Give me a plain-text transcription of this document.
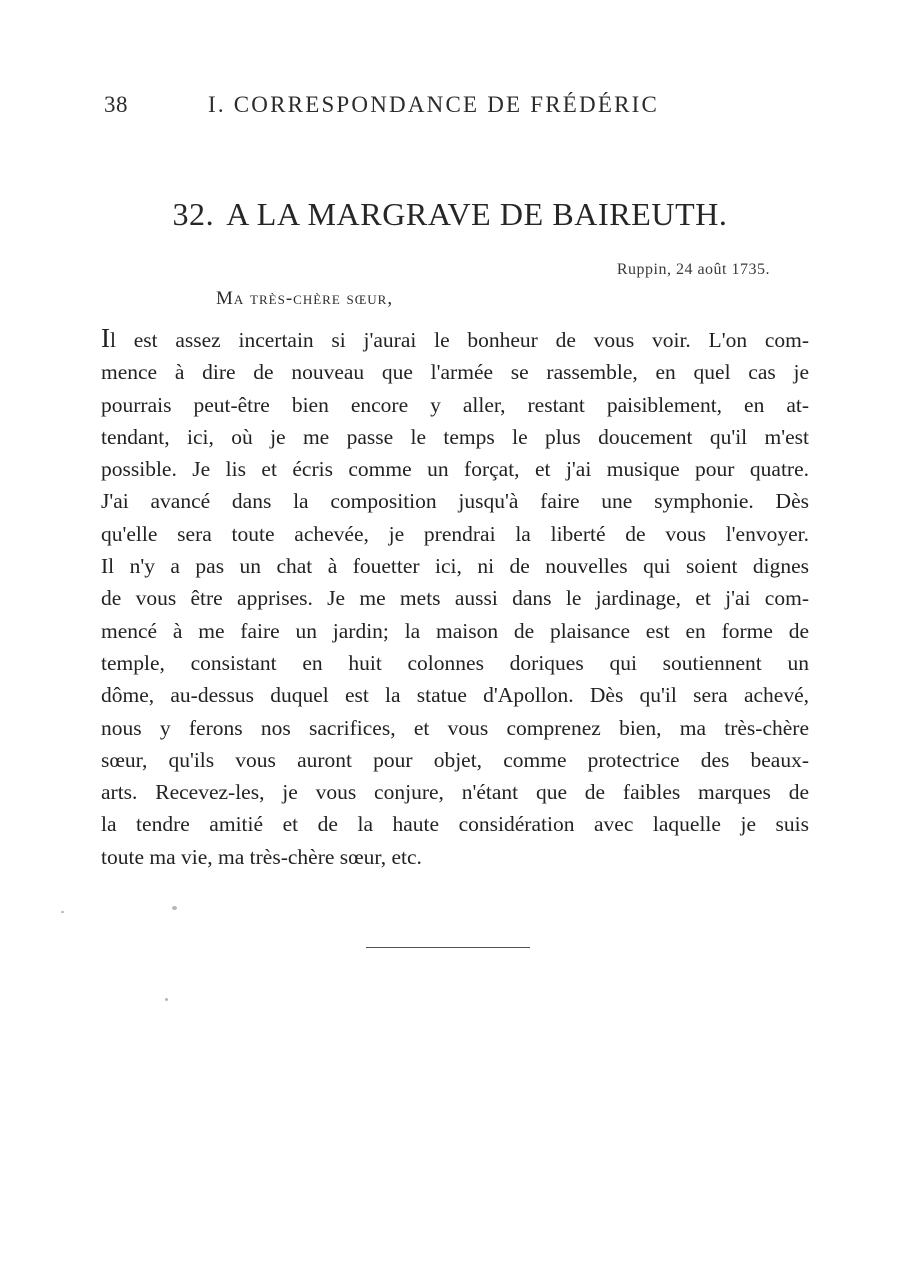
38	I. CORRESPONDANCE DE FRÉDÉRIC
32. A LA MARGRAVE DE BAIREUTH.
Ruppin, 24 août 1735.
Ma très-chère sœur,
Il est assez incertain si j'aurai le bonheur de vous voir. L'on com-
mence à dire de nouveau que l'armée se rassemble, en quel cas je
pourrais peut-être bien encore y aller, restant paisiblement, en at-
tendant, ici, où je me passe le temps le plus doucement qu'il m'est
possible. Je lis et écris comme un forçat, et j'ai musique pour quatre.
J'ai avancé dans la composition jusqu'à faire une symphonie. Dès
qu'elle sera toute achevée, je prendrai la liberté de vous l'envoyer.
Il n'y a pas un chat à fouetter ici, ni de nouvelles qui soient dignes
de vous être apprises. Je me mets aussi dans le jardinage, et j'ai com-
mencé à me faire un jardin; la maison de plaisance est en forme de
temple, consistant en huit colonnes doriques qui soutiennent un
dôme, au-dessus duquel est la statue d'Apollon. Dès qu'il sera achevé,
nous y ferons nos sacrifices, et vous comprenez bien, ma très-chère
sœur, qu'ils vous auront pour objet, comme protectrice des beaux-
arts. Recevez-les, je vous conjure, n'étant que de faibles marques de
la tendre amitié et de la haute considération avec laquelle je suis
toute ma vie, ma très-chère sœur, etc.
